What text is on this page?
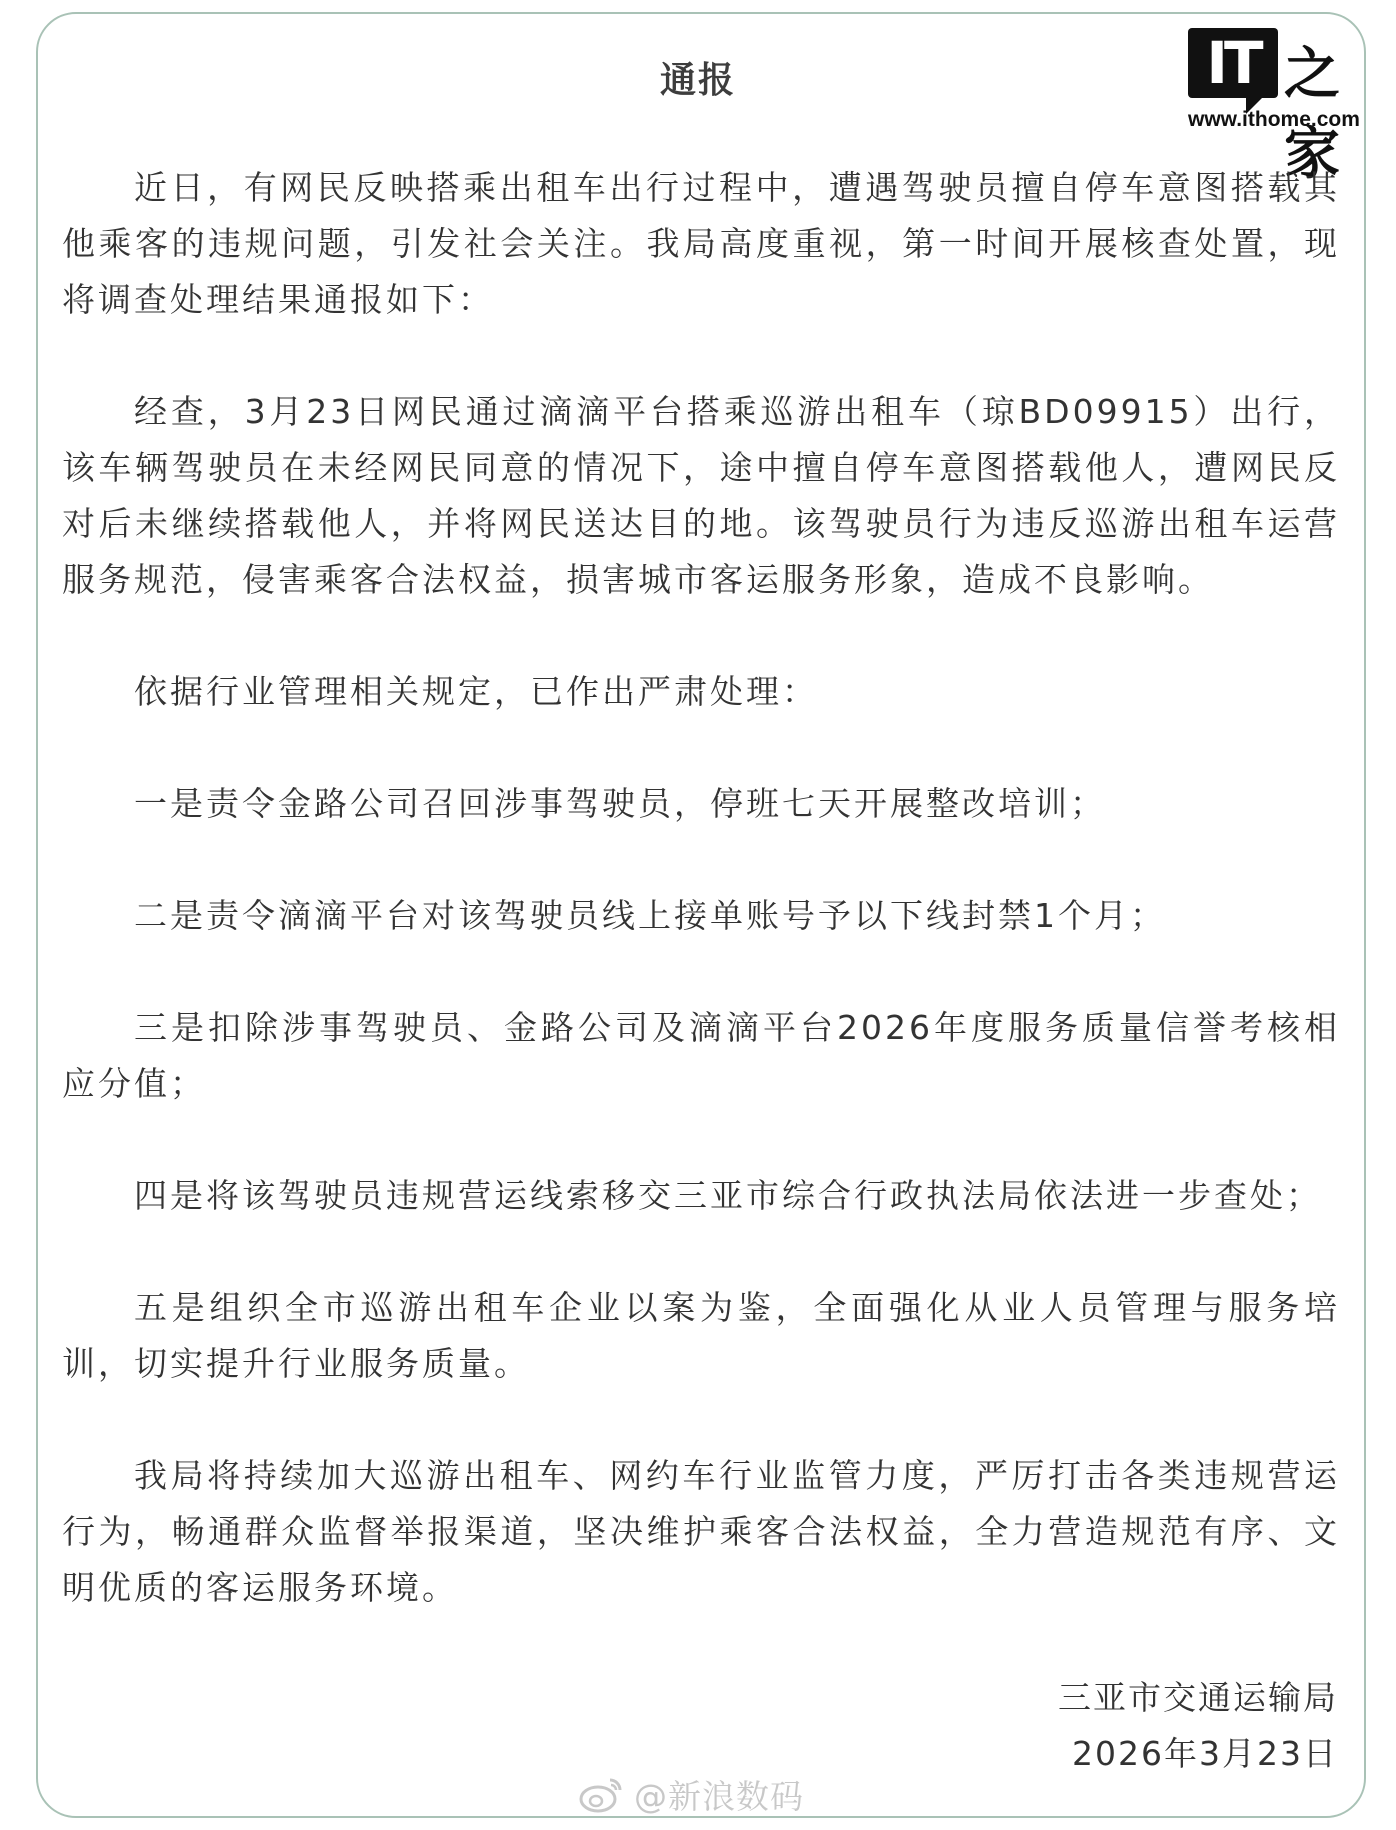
IT 之家
www.ithome.com
通报

近日，有网民反映搭乘出租车出行过程中，遭遇驾驶员擅自停车意图搭载其他乘客的违规问题，引发社会关注。我局高度重视，第一时间开展核查处置，现将调查处理结果通报如下：

经查，3月23日网民通过滴滴平台搭乘巡游出租车（琼BD09915）出行，该车辆驾驶员在未经网民同意的情况下，途中擅自停车意图搭载他人，遭网民反对后未继续搭载他人，并将网民送达目的地。该驾驶员行为违反巡游出租车运营服务规范，侵害乘客合法权益，损害城市客运服务形象，造成不良影响。

依据行业管理相关规定，已作出严肃处理：

一是责令金路公司召回涉事驾驶员，停班七天开展整改培训；

二是责令滴滴平台对该驾驶员线上接单账号予以下线封禁1个月；

三是扣除涉事驾驶员、金路公司及滴滴平台2026年度服务质量信誉考核相应分值；

四是将该驾驶员违规营运线索移交三亚市综合行政执法局依法进一步查处；

五是组织全市巡游出租车企业以案为鉴，全面强化从业人员管理与服务培训，切实提升行业服务质量。

我局将持续加大巡游出租车、网约车行业监管力度，严厉打击各类违规营运行为，畅通群众监督举报渠道，坚决维护乘客合法权益，全力营造规范有序、文明优质的客运服务环境。

三亚市交通运输局
2026年3月23日
@新浪数码
